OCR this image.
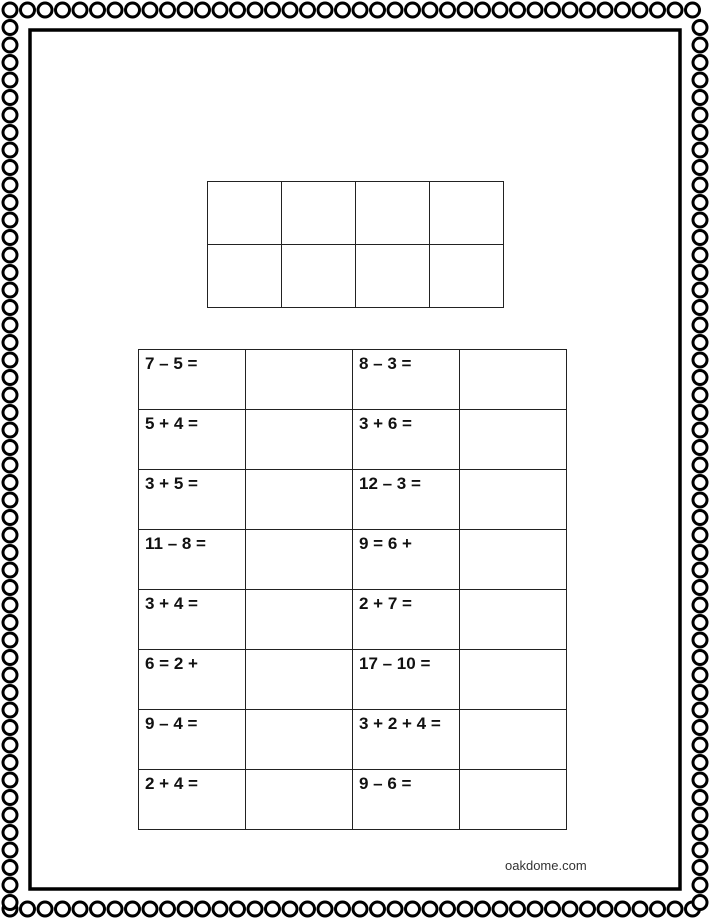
7 – 5 =		8 – 3 =	
5 + 4 =		3 + 6 =	
3 + 5 =		12 – 3 =	
11 – 8 =		9 = 6 +	
3 + 4 =		2 + 7 =	
6 = 2 +		17 – 10 =	
9 – 4 =		3 + 2 + 4 =	
2 + 4 =		9 – 6 =	
oakdome.com
